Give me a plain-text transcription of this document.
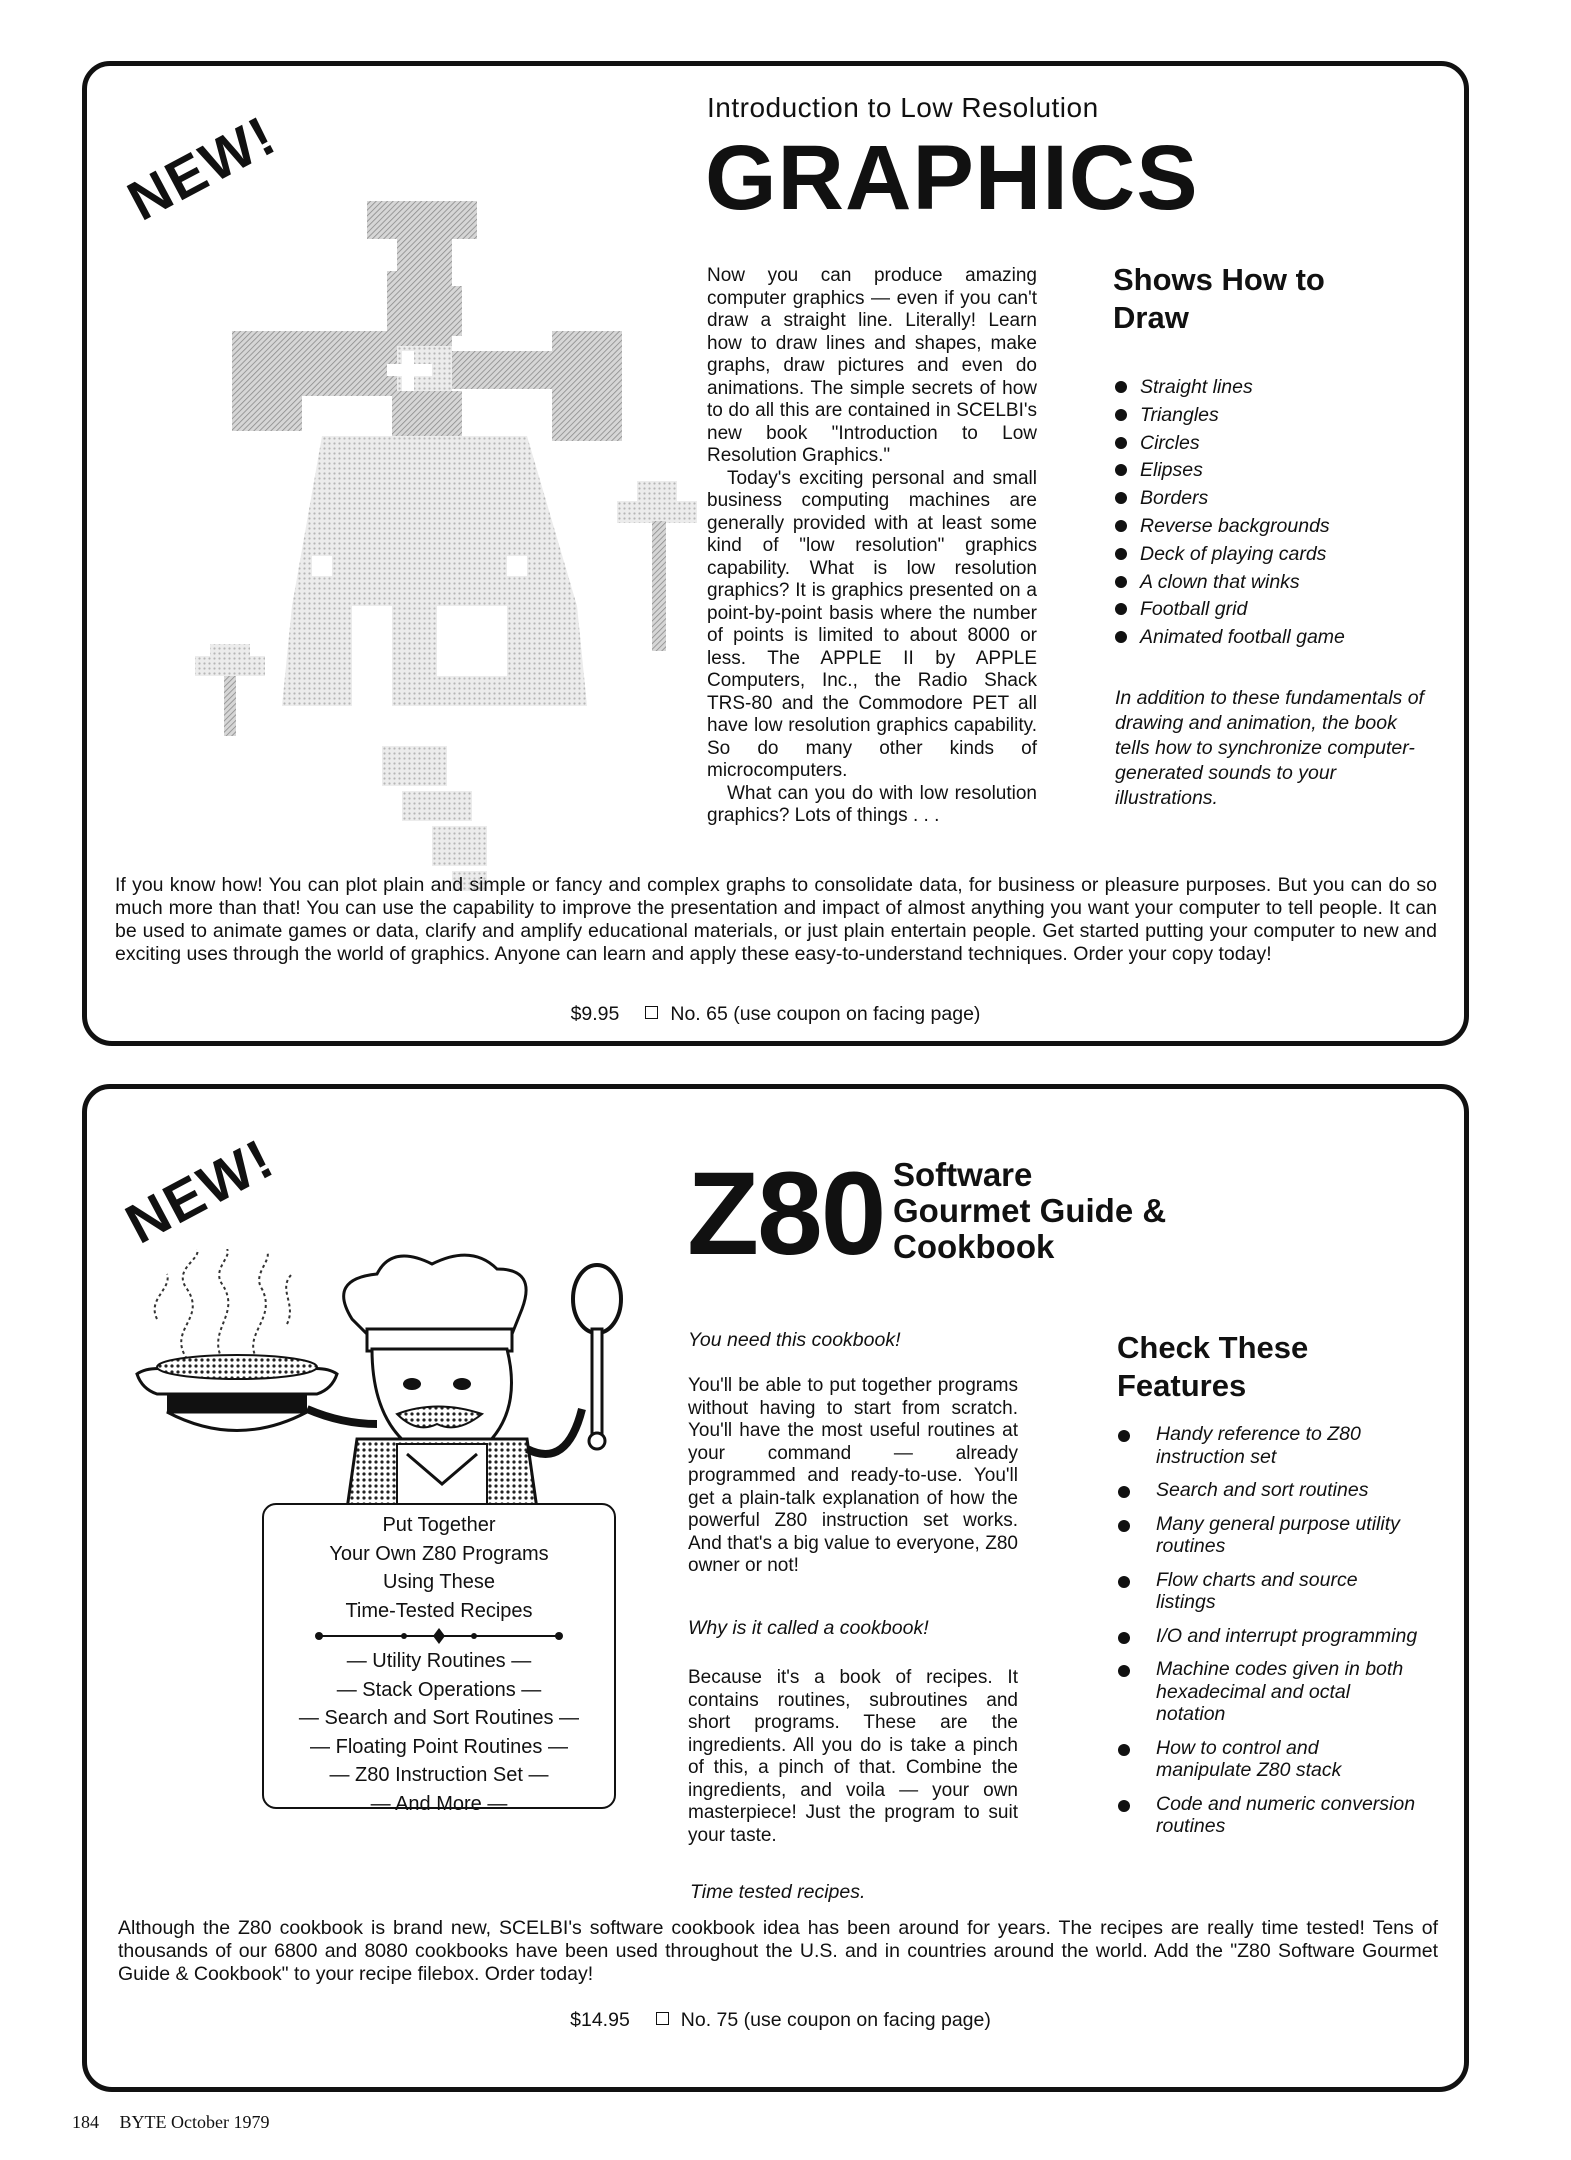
NEW!	Introduction to Low Resolution
GRAPHICS

Now you can produce amazing computer graphics — even if you can't draw a straight line. Literally! Learn how to draw lines and shapes, make graphs, draw pictures and even do animations. The simple secrets of how to do all this are contained in SCELBI's new book "Introduction to Low Resolution Graphics."

Today's exciting personal and small business computing machines are generally provided with at least some kind of "low resolution" graphics capability. What is low resolution graphics? It is graphics presented on a point-by-point basis where the number of points is limited to about 8000 or less. The APPLE II by APPLE Computers, Inc., the Radio Shack TRS-80 and the Commodore PET all have low resolution graphics capability. So do many other kinds of microcomputers.

What can you do with low resolution graphics? Lots of things . . .

Shows How to Draw
Straight lines
Triangles
Circles
Elipses
Borders
Reverse backgrounds
Deck of playing cards
A clown that winks
Football grid
Animated football game
In addition to these fundamentals of drawing and animation, the book tells how to synchronize computer-generated sounds to your illustrations.
If you know how! You can plot plain and simple or fancy and complex graphs to consolidate data, for business or pleasure purposes. But you can do so much more than that! You can use the capability to improve the presentation and impact of almost anything you want your computer to tell people. It can be used to animate games or data, clarify and amplify educational materials, or just plain entertain people. Get started putting your computer to new and exciting uses through the world of graphics. Anyone can learn and apply these easy-to-understand techniques. Order your copy today!
$9.95	No. 65 (use coupon on facing page)
NEW!
Put Together
Your Own Z80 Programs
Using These
Time-Tested Recipes
— Utility Routines —
— Stack Operations —
— Search and Sort Routines —
— Floating Point Routines —
— Z80 Instruction Set —
— And More —
Z80 Software
Gourmet Guide &
Cookbook
You need this cookbook!
You'll be able to put together programs without having to start from scratch. You'll have the most useful routines at your command — already programmed and ready-to-use. You'll get a plain-talk explanation of how the powerful Z80 instruction set works. And that's a big value to everyone, Z80 owner or not!
Why is it called a cookbook!
Because it's a book of recipes. It contains routines, subroutines and short programs. These are the ingredients. All you do is take a pinch of this, a pinch of that. Combine the ingredients, and voila — your own masterpiece! Just the program to suit your taste.
Time tested recipes.
Check These Features
Handy reference to Z80 instruction set
Search and sort routines
Many general purpose utility routines
Flow charts and source listings
I/O and interrupt programming
Machine codes given in both hexadecimal and octal notation
How to control and manipulate Z80 stack
Code and numeric conversion routines
Although the Z80 cookbook is brand new, SCELBI's software cookbook idea has been around for years. The recipes are really time tested! Tens of thousands of our 6800 and 8080 cookbooks have been used throughout the U.S. and in countries around the world. Add the "Z80 Software Gourmet Guide & Cookbook" to your recipe filebox. Order today!
$14.95	No. 75 (use coupon on facing page)
184 BYTE October 1979
